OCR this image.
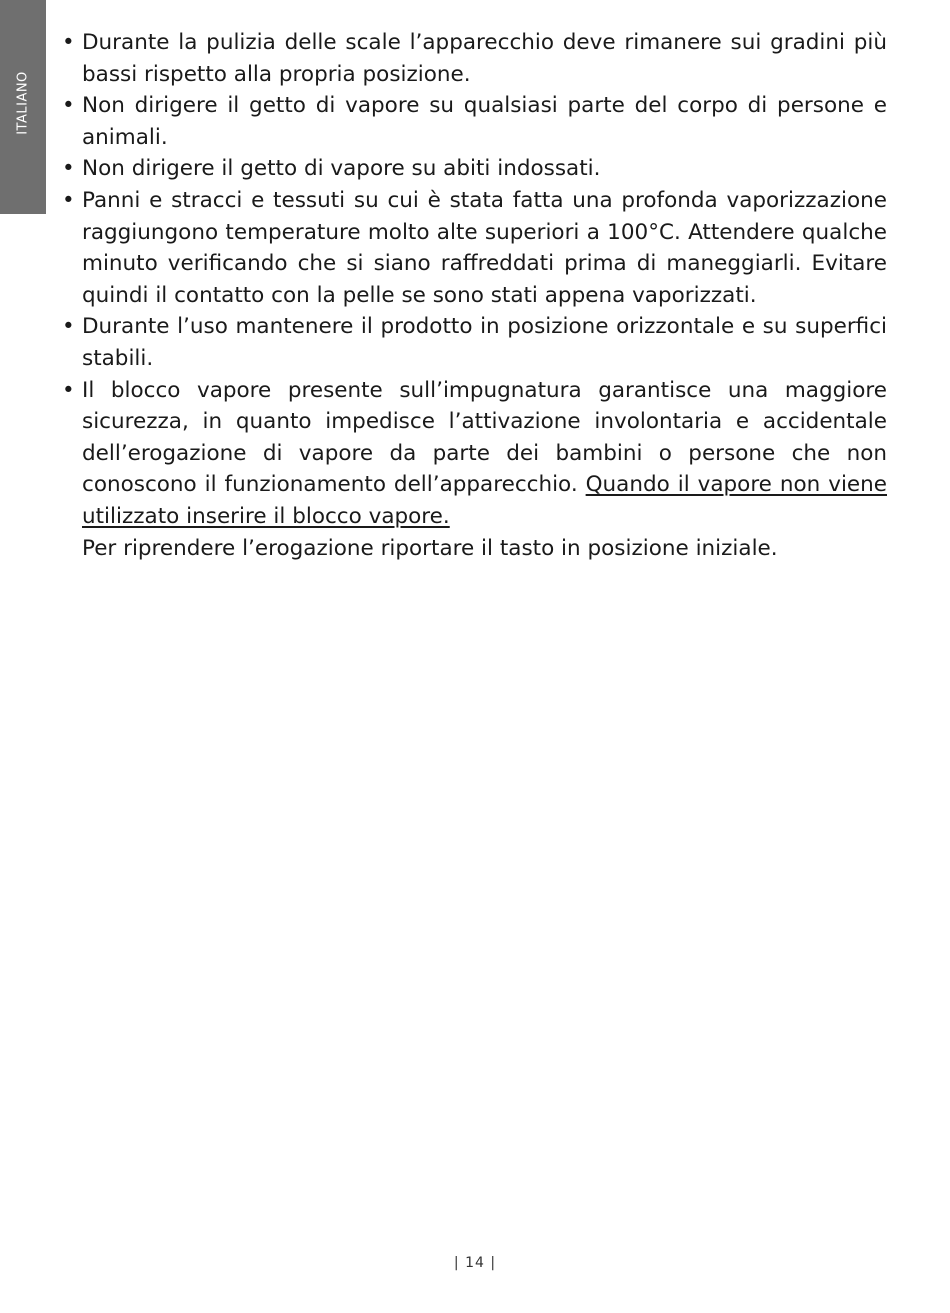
ITALIANO
• Durante la pulizia delle scale l’apparecchio deve rimanere sui gradini più bassi rispetto alla propria posizione.
• Non dirigere il getto di vapore su qualsiasi parte del corpo di persone e animali.
• Non dirigere il getto di vapore su abiti indossati.
• Panni e stracci e tessuti su cui è stata fatta una profonda vaporizzazione raggiungono temperature molto alte superiori a 100°C. Attendere qualche minuto verificando che si siano raffreddati prima di maneggiarli. Evitare quindi il contatto con la pelle se sono stati appena vaporizzati.
• Durante l’uso mantenere il prodotto in posizione orizzontale e su superfici stabili.
• Il blocco vapore presente sull’impugnatura garantisce una maggiore sicurezza, in quanto impedisce l’attivazione involontaria e accidentale dell’erogazione di vapore da parte dei bambini o persone che non conoscono il funzionamento dell’apparecchio. Quando il vapore non viene utilizzato inserire il blocco vapore.
Per riprendere l’erogazione riportare il tasto in posizione iniziale.
| 14 |
